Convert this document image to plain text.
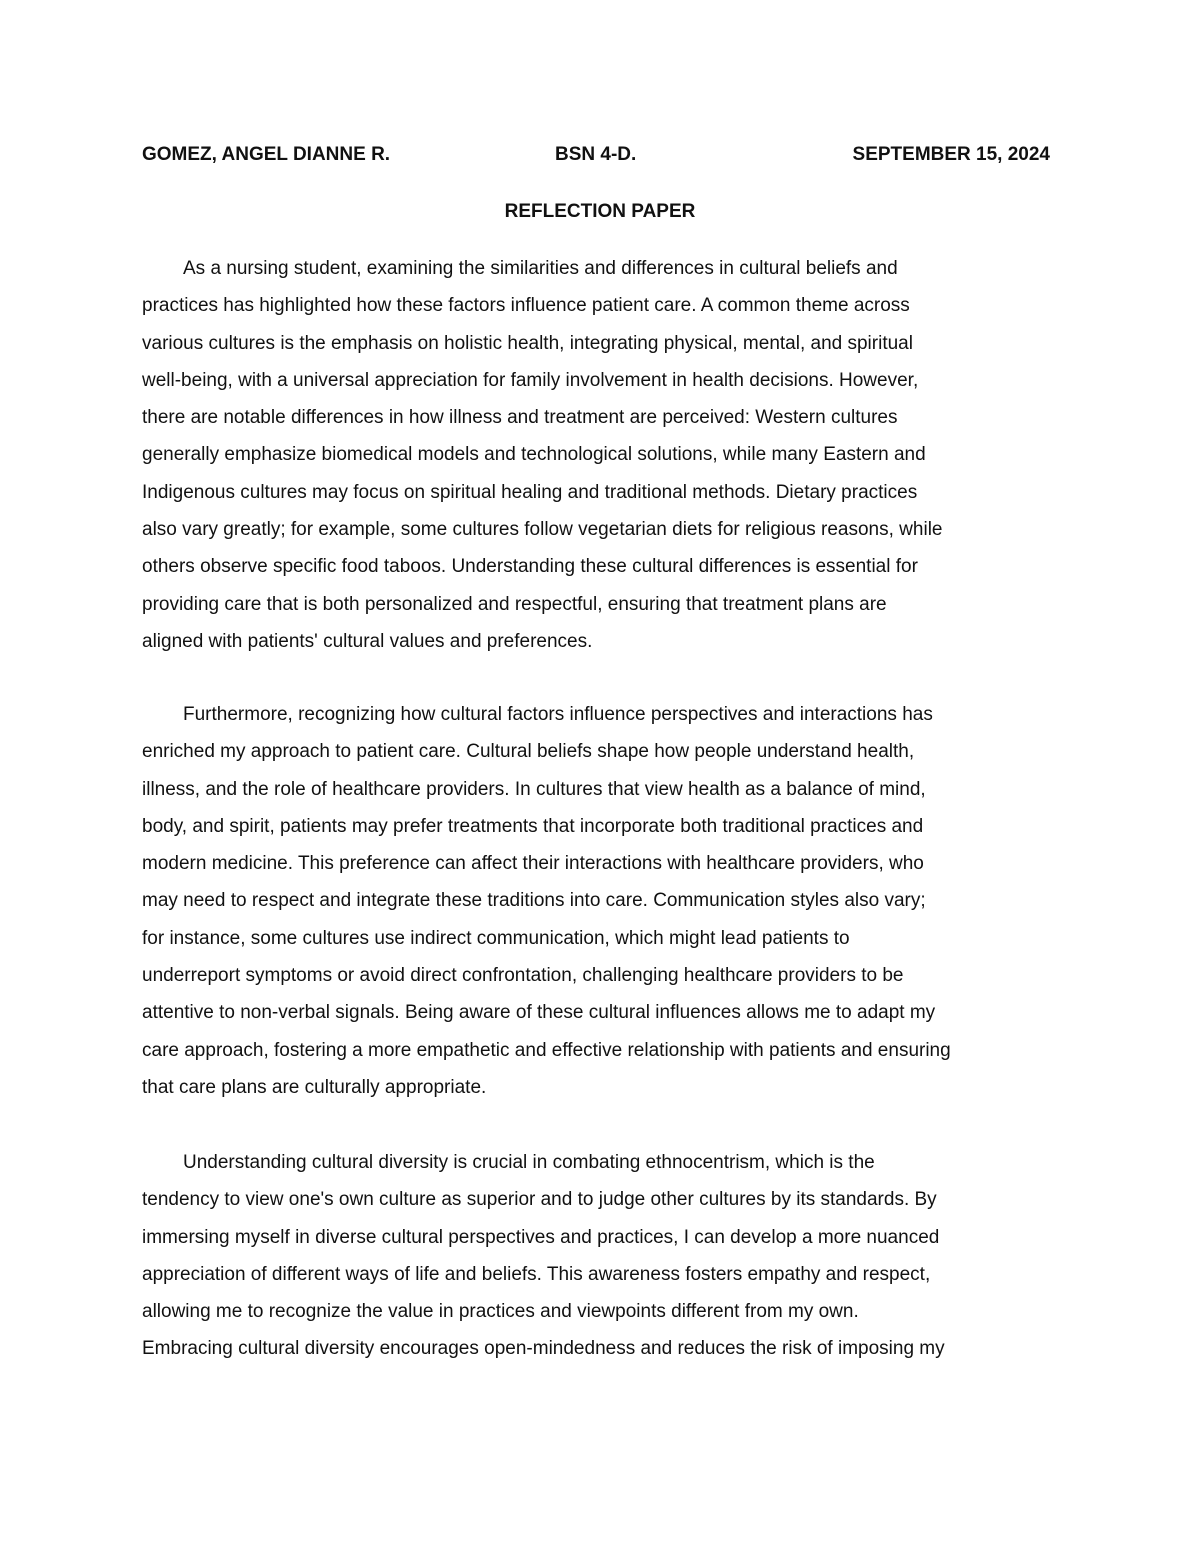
GOMEZ, ANGEL DIANNE R.	BSN 4-D.	SEPTEMBER 15, 2024
REFLECTION PAPER
As a nursing student, examining the similarities and differences in cultural beliefs and
practices has highlighted how these factors influence patient care. A common theme across
various cultures is the emphasis on holistic health, integrating physical, mental, and spiritual
well-being, with a universal appreciation for family involvement in health decisions. However,
there are notable differences in how illness and treatment are perceived: Western cultures
generally emphasize biomedical models and technological solutions, while many Eastern and
Indigenous cultures may focus on spiritual healing and traditional methods. Dietary practices
also vary greatly; for example, some cultures follow vegetarian diets for religious reasons, while
others observe specific food taboos. Understanding these cultural differences is essential for
providing care that is both personalized and respectful, ensuring that treatment plans are
aligned with patients' cultural values and preferences.
Furthermore, recognizing how cultural factors influence perspectives and interactions has
enriched my approach to patient care. Cultural beliefs shape how people understand health,
illness, and the role of healthcare providers. In cultures that view health as a balance of mind,
body, and spirit, patients may prefer treatments that incorporate both traditional practices and
modern medicine. This preference can affect their interactions with healthcare providers, who
may need to respect and integrate these traditions into care. Communication styles also vary;
for instance, some cultures use indirect communication, which might lead patients to
underreport symptoms or avoid direct confrontation, challenging healthcare providers to be
attentive to non-verbal signals. Being aware of these cultural influences allows me to adapt my
care approach, fostering a more empathetic and effective relationship with patients and ensuring
that care plans are culturally appropriate.
Understanding cultural diversity is crucial in combating ethnocentrism, which is the
tendency to view one's own culture as superior and to judge other cultures by its standards. By
immersing myself in diverse cultural perspectives and practices, I can develop a more nuanced
appreciation of different ways of life and beliefs. This awareness fosters empathy and respect,
allowing me to recognize the value in practices and viewpoints different from my own.
Embracing cultural diversity encourages open-mindedness and reduces the risk of imposing my
